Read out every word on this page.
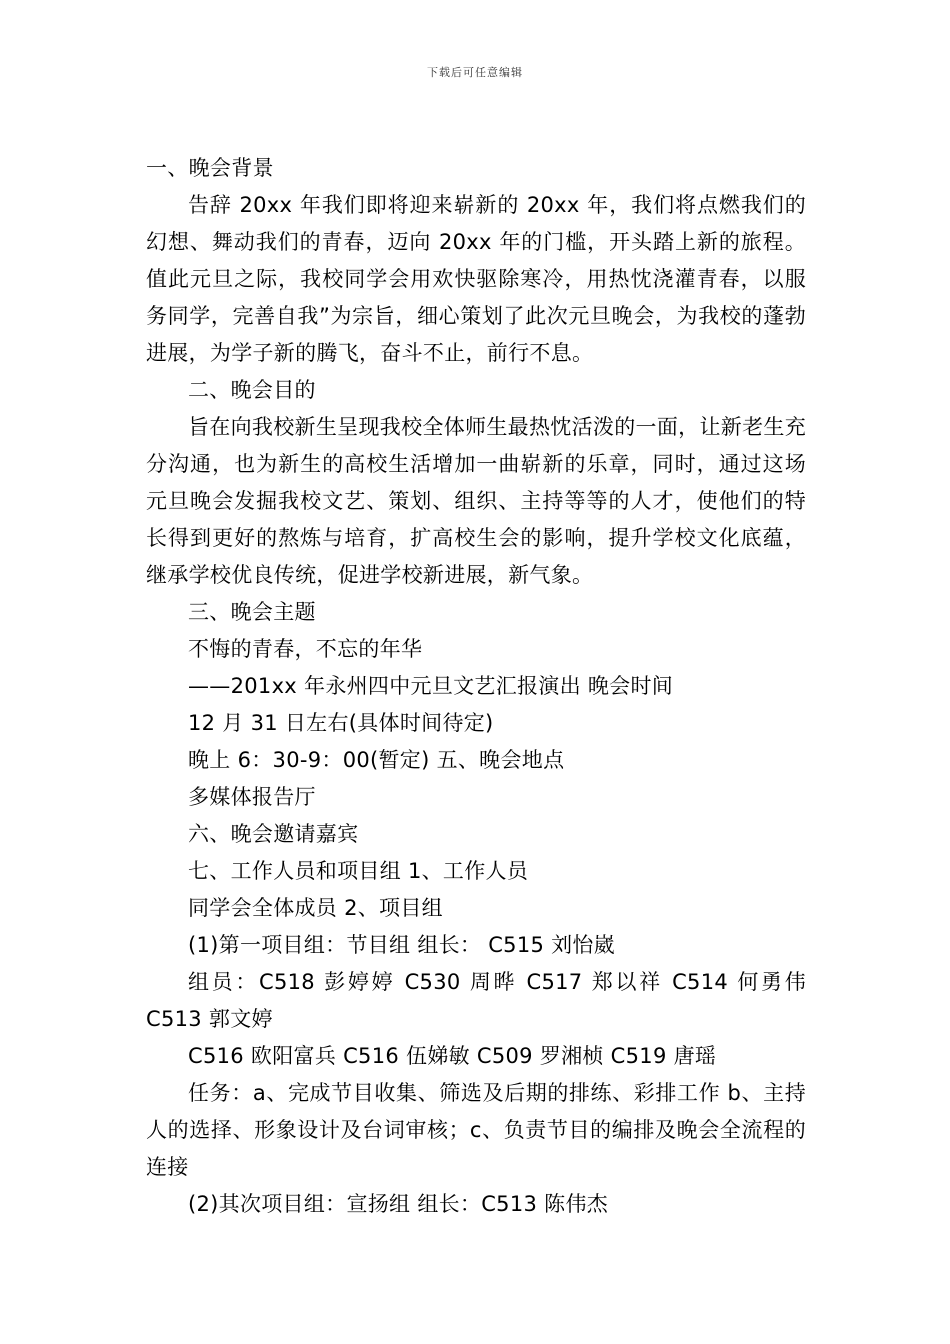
下载后可任意编辑

一、晚会背景

告辞 20xx 年我们即将迎来崭新的 20xx 年，我们将点燃我们的幻想、舞动我们的青春，迈向 20xx 年的门槛，开头踏上新的旅程。值此元旦之际，我校同学会用欢快驱除寒冷，用热忱浇灌青春，以服务同学，完善自我”为宗旨，细心策划了此次元旦晚会，为我校的蓬勃进展，为学子新的腾飞，奋斗不止，前行不息。

二、晚会目的

旨在向我校新生呈现我校全体师生最热忱活泼的一面，让新老生充分沟通，也为新生的高校生活增加一曲崭新的乐章，同时，通过这场元旦晚会发掘我校文艺、策划、组织、主持等等的人才，使他们的特长得到更好的熬炼与培育，扩高校生会的影响，提升学校文化底蕴，继承学校优良传统，促进学校新进展，新气象。

三、晚会主题

不悔的青春，不忘的年华

——201xx 年永州四中元旦文艺汇报演出 晚会时间

12 月 31 日左右(具体时间待定)

晚上 6：30-9：00(暂定) 五、晚会地点

多媒体报告厅

六、晚会邀请嘉宾

七、工作人员和项目组 1、工作人员

同学会全体成员 2、项目组

(1)第一项目组：节目组 组长： C515 刘怡崴

组员：C518 彭婷婷 C530 周晔 C517 郑以祥 C514 何勇伟 C513 郭文婷

C516 欧阳富兵 C516 伍娣敏 C509 罗湘桢 C519 唐瑶

任务：a、完成节目收集、筛选及后期的排练、彩排工作 b、主持人的选择、形象设计及台词审核；c、负责节目的编排及晚会全流程的连接

(2)其次项目组：宣扬组 组长：C513 陈伟杰
